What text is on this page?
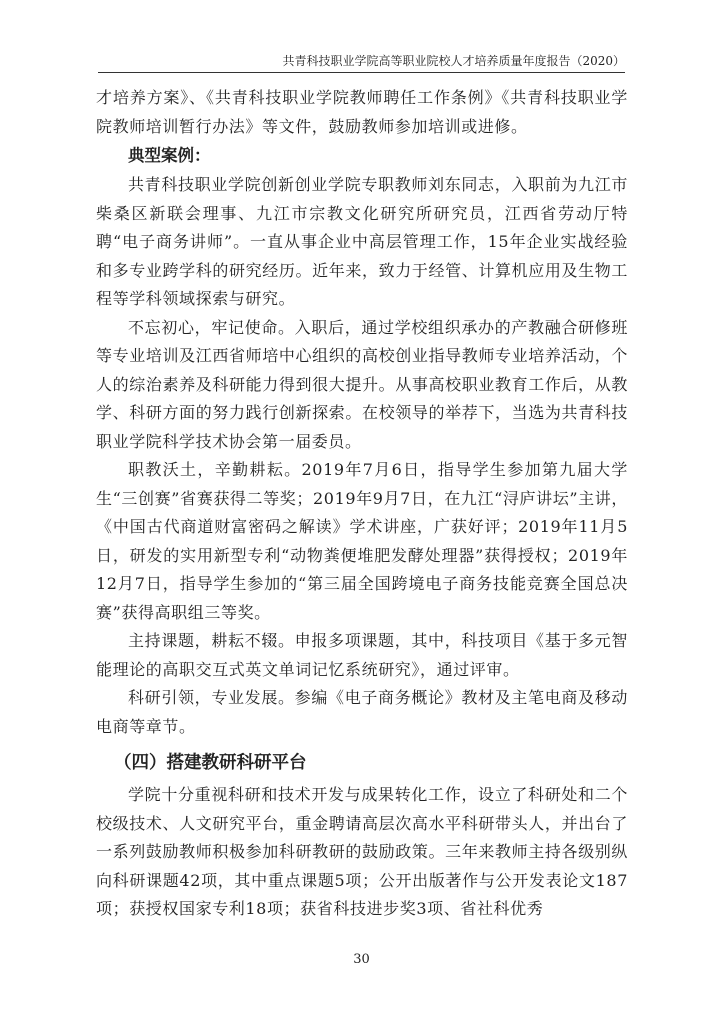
共青科技职业学院高等职业院校人才培养质量年度报告（2020）

才培养方案》、《共青科技职业学院教师聘任工作条例》《共青科技职业学院教师培训暂行办法》等文件，鼓励教师参加培训或进修。

典型案例：

共青科技职业学院创新创业学院专职教师刘东同志，入职前为九江市柴桑区新联会理事、九江市宗教文化研究所研究员，江西省劳动厅特聘“电子商务讲师”。一直从事企业中高层管理工作，15年企业实战经验和多专业跨学科的研究经历。近年来，致力于经管、计算机应用及生物工程等学科领域探索与研究。

不忘初心，牢记使命。入职后，通过学校组织承办的产教融合研修班等专业培训及江西省师培中心组织的高校创业指导教师专业培养活动，个人的综治素养及科研能力得到很大提升。从事高校职业教育工作后，从教学、科研方面的努力践行创新探索。在校领导的举荐下，当选为共青科技职业学院科学技术协会第一届委员。

职教沃土，辛勤耕耘。2019年7月6日，指导学生参加第九届大学生“三创赛”省赛获得二等奖；2019年9月7日，在九江“浔庐讲坛”主讲，《中国古代商道财富密码之解读》学术讲座，广获好评；2019年11月5日，研发的实用新型专利“动物粪便堆肥发酵处理器”获得授权；2019年12月7日，指导学生参加的“第三届全国跨境电子商务技能竞赛全国总决赛”获得高职组三等奖。

主持课题，耕耘不辍。申报多项课题，其中，科技项目《基于多元智能理论的高职交互式英文单词记忆系统研究》，通过评审。

科研引领，专业发展。参编《电子商务概论》教材及主笔电商及移动电商等章节。

（四）搭建教研科研平台

学院十分重视科研和技术开发与成果转化工作，设立了科研处和二个校级技术、人文研究平台，重金聘请高层次高水平科研带头人，并出台了一系列鼓励教师积极参加科研教研的鼓励政策。三年来教师主持各级别纵向科研课题42项，其中重点课题5项；公开出版著作与公开发表论文187项；获授权国家专利18项；获省科技进步奖3项、省社科优秀

30
